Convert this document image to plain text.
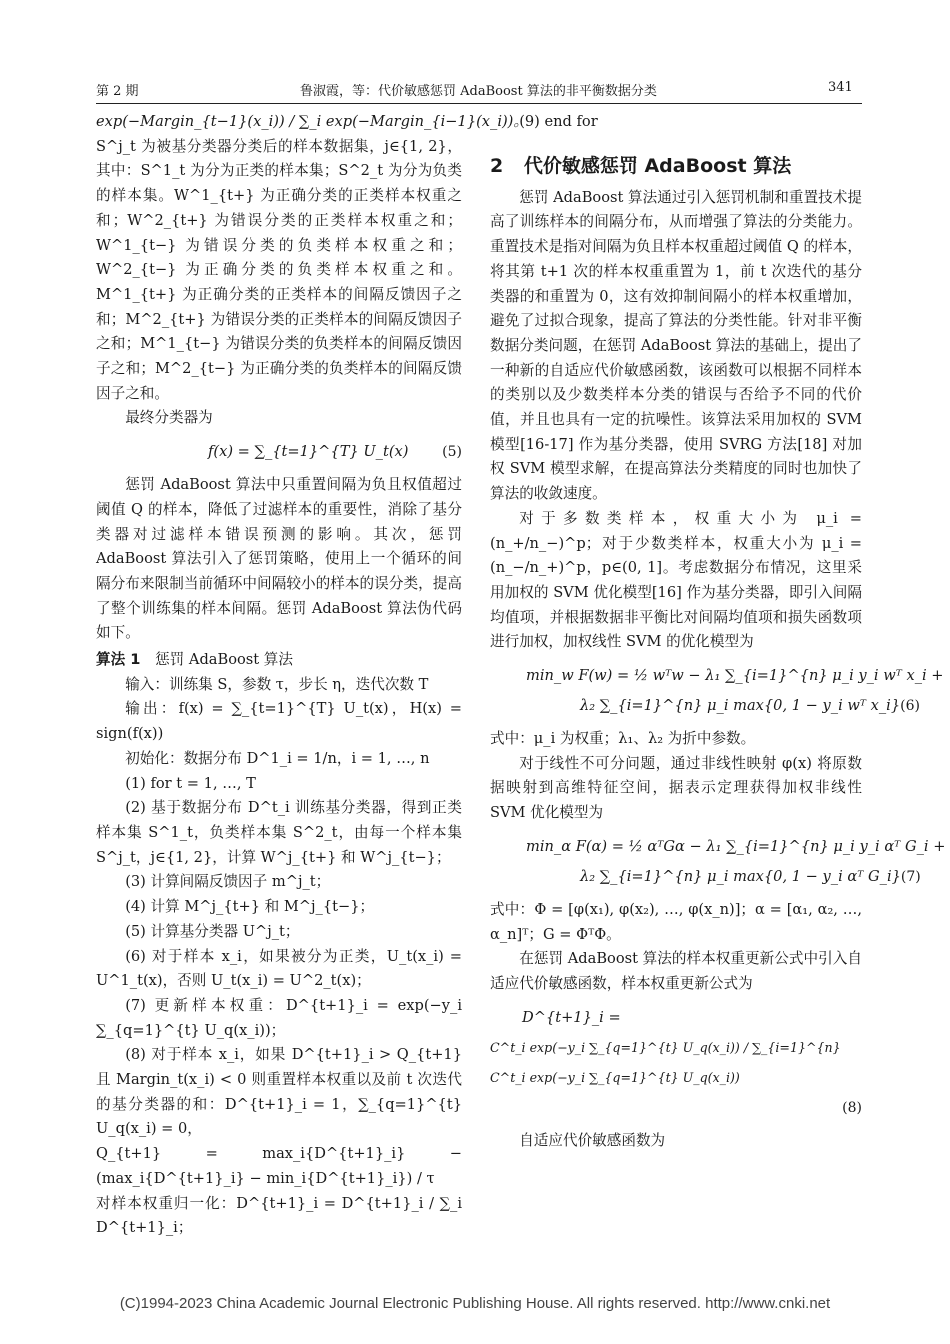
第 2 期	鲁淑霞，等：代价敏感惩罚 AdaBoost 算法的非平衡数据分类	341

exp(−Margin_{t−1}(x_i)) / ∑_i exp(−Margin_{i−1}(x_i))。

S^j_t 为被基分类器分类后的样本数据集，j∈{1, 2}，其中：S^1_t 为分为正类的样本集；S^2_t 为分为负类的样本集。W^1_{t+} 为正确分类的正类样本权重之和；W^2_{t+} 为错误分类的正类样本权重之和；W^1_{t−} 为错误分类的负类样本权重之和；W^2_{t−} 为正确分类的负类样本权重之和。M^1_{t+} 为正确分类的正类样本的间隔反馈因子之和；M^2_{t+} 为错误分类的正类样本的间隔反馈因子之和；M^1_{t−} 为错误分类的负类样本的间隔反馈因子之和；M^2_{t−} 为正确分类的负类样本的间隔反馈因子之和。

最终分类器为

f(x) = ∑_{t=1}^{T} U_t(x) (5)

惩罚 AdaBoost 算法中只重置间隔为负且权值超过阈值 Q 的样本，降低了过滤样本的重要性，消除了基分类器对过滤样本错误预测的影响。其次，惩罚 AdaBoost 算法引入了惩罚策略，使用上一个循环的间隔分布来限制当前循环中间隔较小的样本的误分类，提高了整个训练集的样本间隔。惩罚 AdaBoost 算法伪代码如下。

算法 1 惩罚 AdaBoost 算法

输入：训练集 S，参数 τ，步长 η，迭代次数 T

输出：f(x) = ∑_{t=1}^{T} U_t(x)，H(x) = sign(f(x))

初始化：数据分布 D^1_i = 1/n，i = 1, …, n

(1) for t = 1, …, T

(2) 基于数据分布 D^t_i 训练基分类器，得到正类样本集 S^1_t，负类样本集 S^2_t，由每一个样本集 S^j_t，j∈{1, 2}，计算 W^j_{t+} 和 W^j_{t−}；

(3) 计算间隔反馈因子 m^j_t；

(4) 计算 M^j_{t+} 和 M^j_{t−}；

(5) 计算基分类器 U^j_t；

(6) 对于样本 x_i，如果被分为正类，U_t(x_i) = U^1_t(x)，否则 U_t(x_i) = U^2_t(x)；

(7) 更新样本权重：D^{t+1}_i = exp(−y_i ∑_{q=1}^{t} U_q(x_i))；

(8) 对于样本 x_i，如果 D^{t+1}_i > Q_{t+1} 且 Margin_t(x_i) < 0 则重置样本权重以及前 t 次迭代的基分类器的和：D^{t+1}_i = 1，∑_{q=1}^{t} U_q(x_i) = 0，

Q_{t+1} = max_i{D^{t+1}_i} − (max_i{D^{t+1}_i} − min_i{D^{t+1}_i}) / τ

对样本权重归一化：D^{t+1}_i = D^{t+1}_i / ∑_i D^{t+1}_i；

(9) end for

2 代价敏感惩罚 AdaBoost 算法

惩罚 AdaBoost 算法通过引入惩罚机制和重置技术提高了训练样本的间隔分布，从而增强了算法的分类能力。重置技术是指对间隔为负且样本权重超过阈值 Q 的样本，将其第 t+1 次的样本权重重置为 1，前 t 次迭代的基分类器的和重置为 0，这有效抑制间隔小的样本权重增加，避免了过拟合现象，提高了算法的分类性能。针对非平衡数据分类问题，在惩罚 AdaBoost 算法的基础上，提出了一种新的自适应代价敏感函数，该函数可以根据不同样本的类别以及少数类样本分类的错误与否给予不同的代价值，并且也具有一定的抗噪性。该算法采用加权的 SVM 模型[16-17] 作为基分类器，使用 SVRG 方法[18] 对加权 SVM 模型求解，在提高算法分类精度的同时也加快了算法的收敛速度。

对于多数类样本，权重大小为 μ_i = (n_+/n_−)^p；对于少数类样本，权重大小为 μ_i = (n_−/n_+)^p，p∈(0, 1]。考虑数据分布情况，这里采用加权的 SVM 优化模型[16] 作为基分类器，即引入间隔均值项，并根据数据非平衡比对间隔均值项和损失函数项进行加权，加权线性 SVM 的优化模型为

min_w F(w) = ½ wᵀw − λ₁ ∑_{i=1}^{n} μ_i y_i wᵀ x_i +
λ₂ ∑_{i=1}^{n} μ_i max{0, 1 − y_i wᵀ x_i} (6)

式中：μ_i 为权重；λ₁、λ₂ 为折中参数。

对于线性不可分问题，通过非线性映射 φ(x) 将原数据映射到高维特征空间，据表示定理获得加权非线性 SVM 优化模型为

min_α F(α) = ½ αᵀGα − λ₁ ∑_{i=1}^{n} μ_i y_i αᵀ G_i +
λ₂ ∑_{i=1}^{n} μ_i max{0, 1 − y_i αᵀ G_i} (7)

式中：Φ = [φ(x₁), φ(x₂), …, φ(x_n)]；α = [α₁, α₂, …, α_n]ᵀ；G = ΦᵀΦ。

在惩罚 AdaBoost 算法的样本权重更新公式中引入自适应代价敏感函数，样本权重更新公式为

D^{t+1}_i =
C^t_i exp(−y_i ∑_{q=1}^{t} U_q(x_i)) / ∑_{i=1}^{n} C^t_i exp(−y_i ∑_{q=1}^{t} U_q(x_i))
(8)

自适应代价敏感函数为

(C)1994-2023 China Academic Journal Electronic Publishing House. All rights reserved. http://www.cnki.net
